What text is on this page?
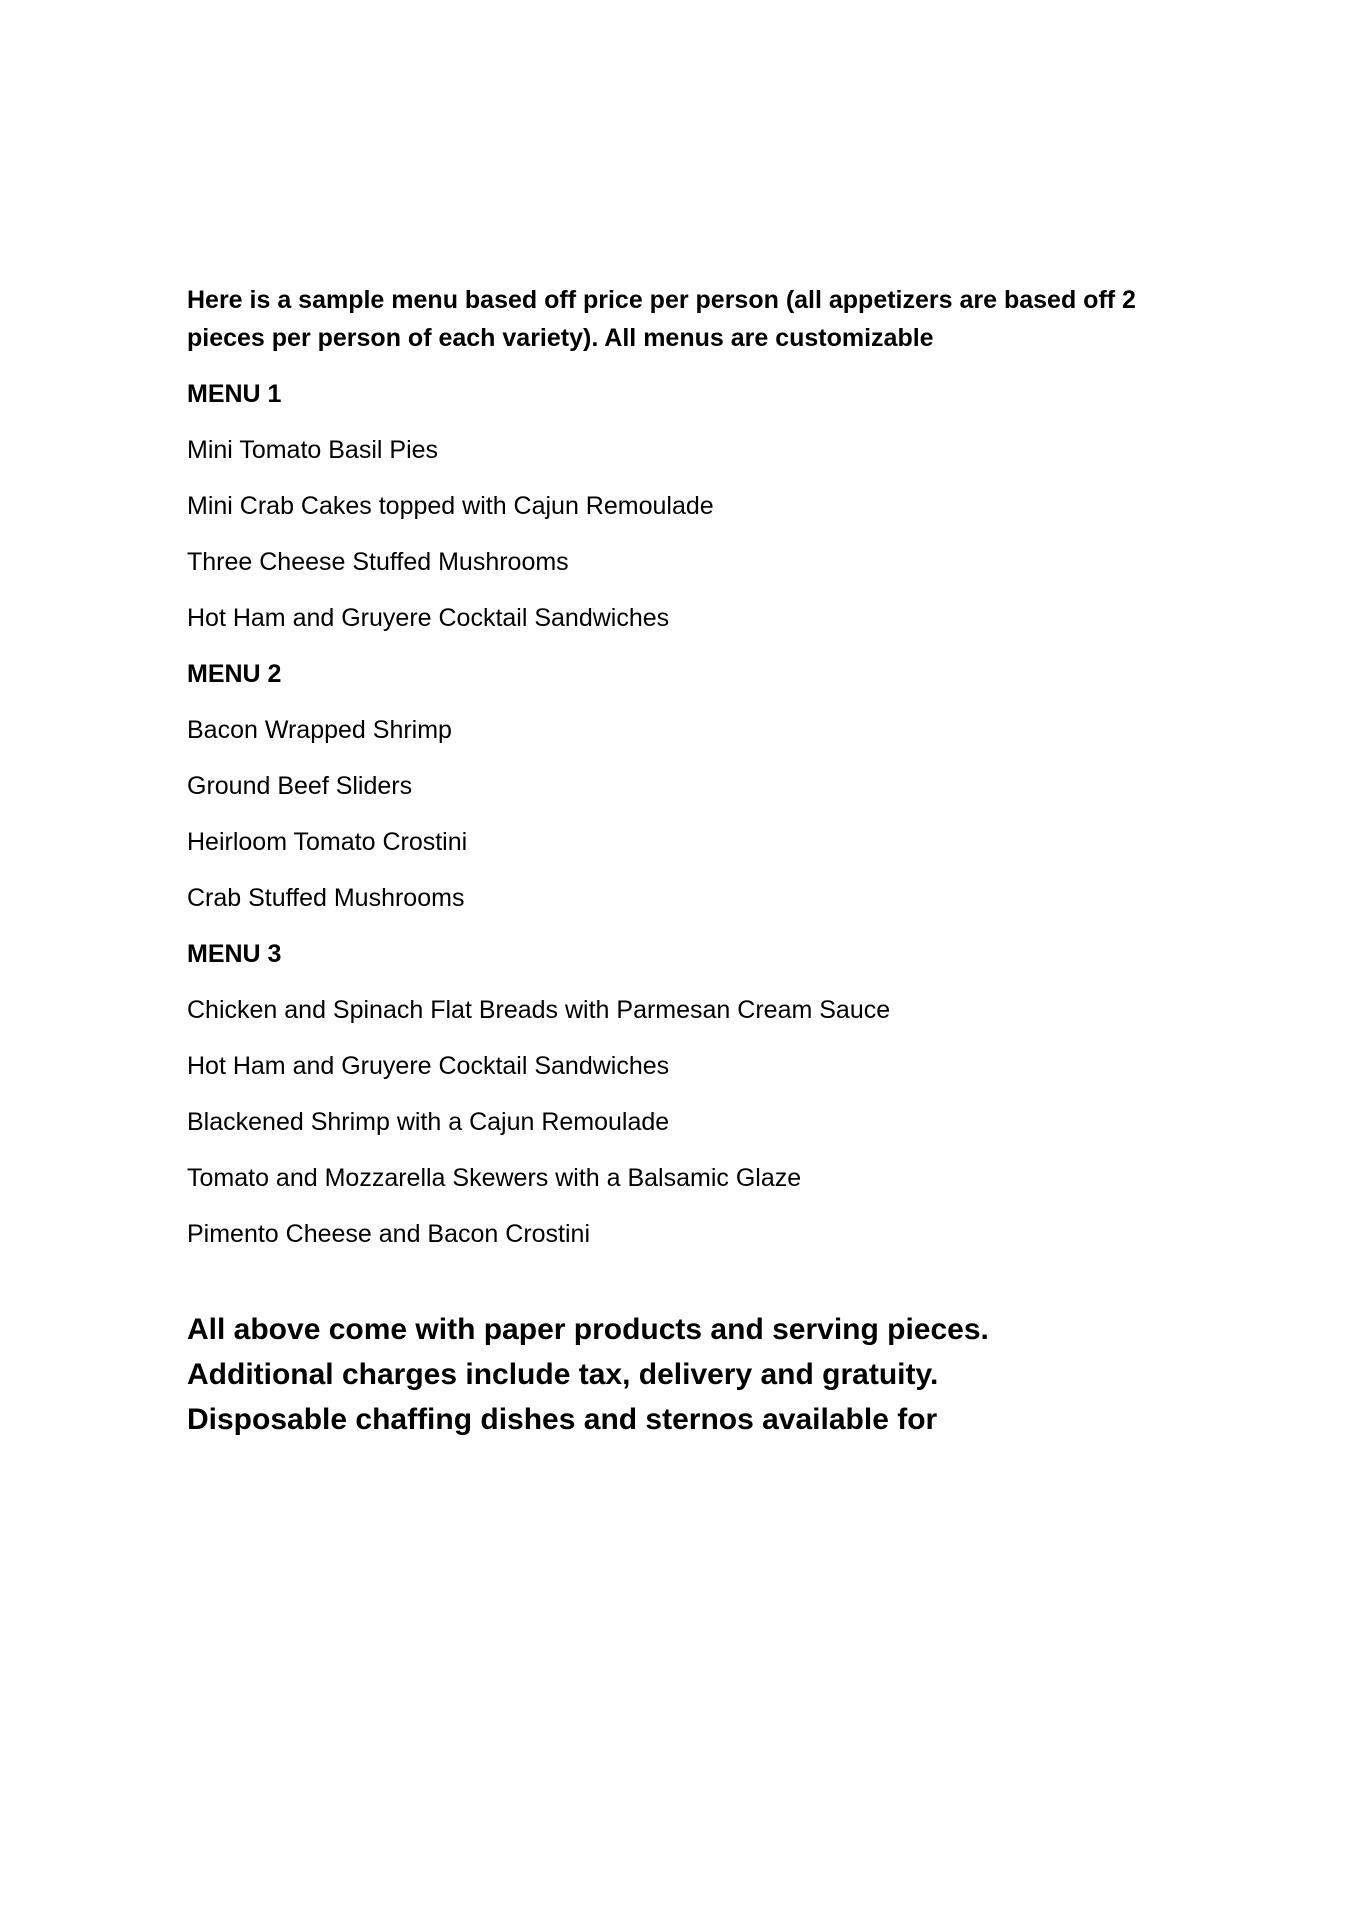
Here is a sample menu based off price per person (all appetizers are based off 2 pieces per person of each variety). All menus are customizable

MENU 1
Mini Tomato Basil Pies
Mini Crab Cakes topped with Cajun Remoulade
Three Cheese Stuffed Mushrooms
Hot Ham and Gruyere Cocktail Sandwiches
MENU 2
Bacon Wrapped Shrimp
Ground Beef Sliders
Heirloom Tomato Crostini
Crab Stuffed Mushrooms
MENU 3
Chicken and Spinach Flat Breads with Parmesan Cream Sauce
Hot Ham and Gruyere Cocktail Sandwiches
Blackened Shrimp with a Cajun Remoulade
Tomato and Mozzarella Skewers with a Balsamic Glaze
Pimento Cheese and Bacon Crostini
All above come with paper products and serving pieces.
Additional charges include tax, delivery and gratuity.
Disposable chaffing dishes and sternos available for
